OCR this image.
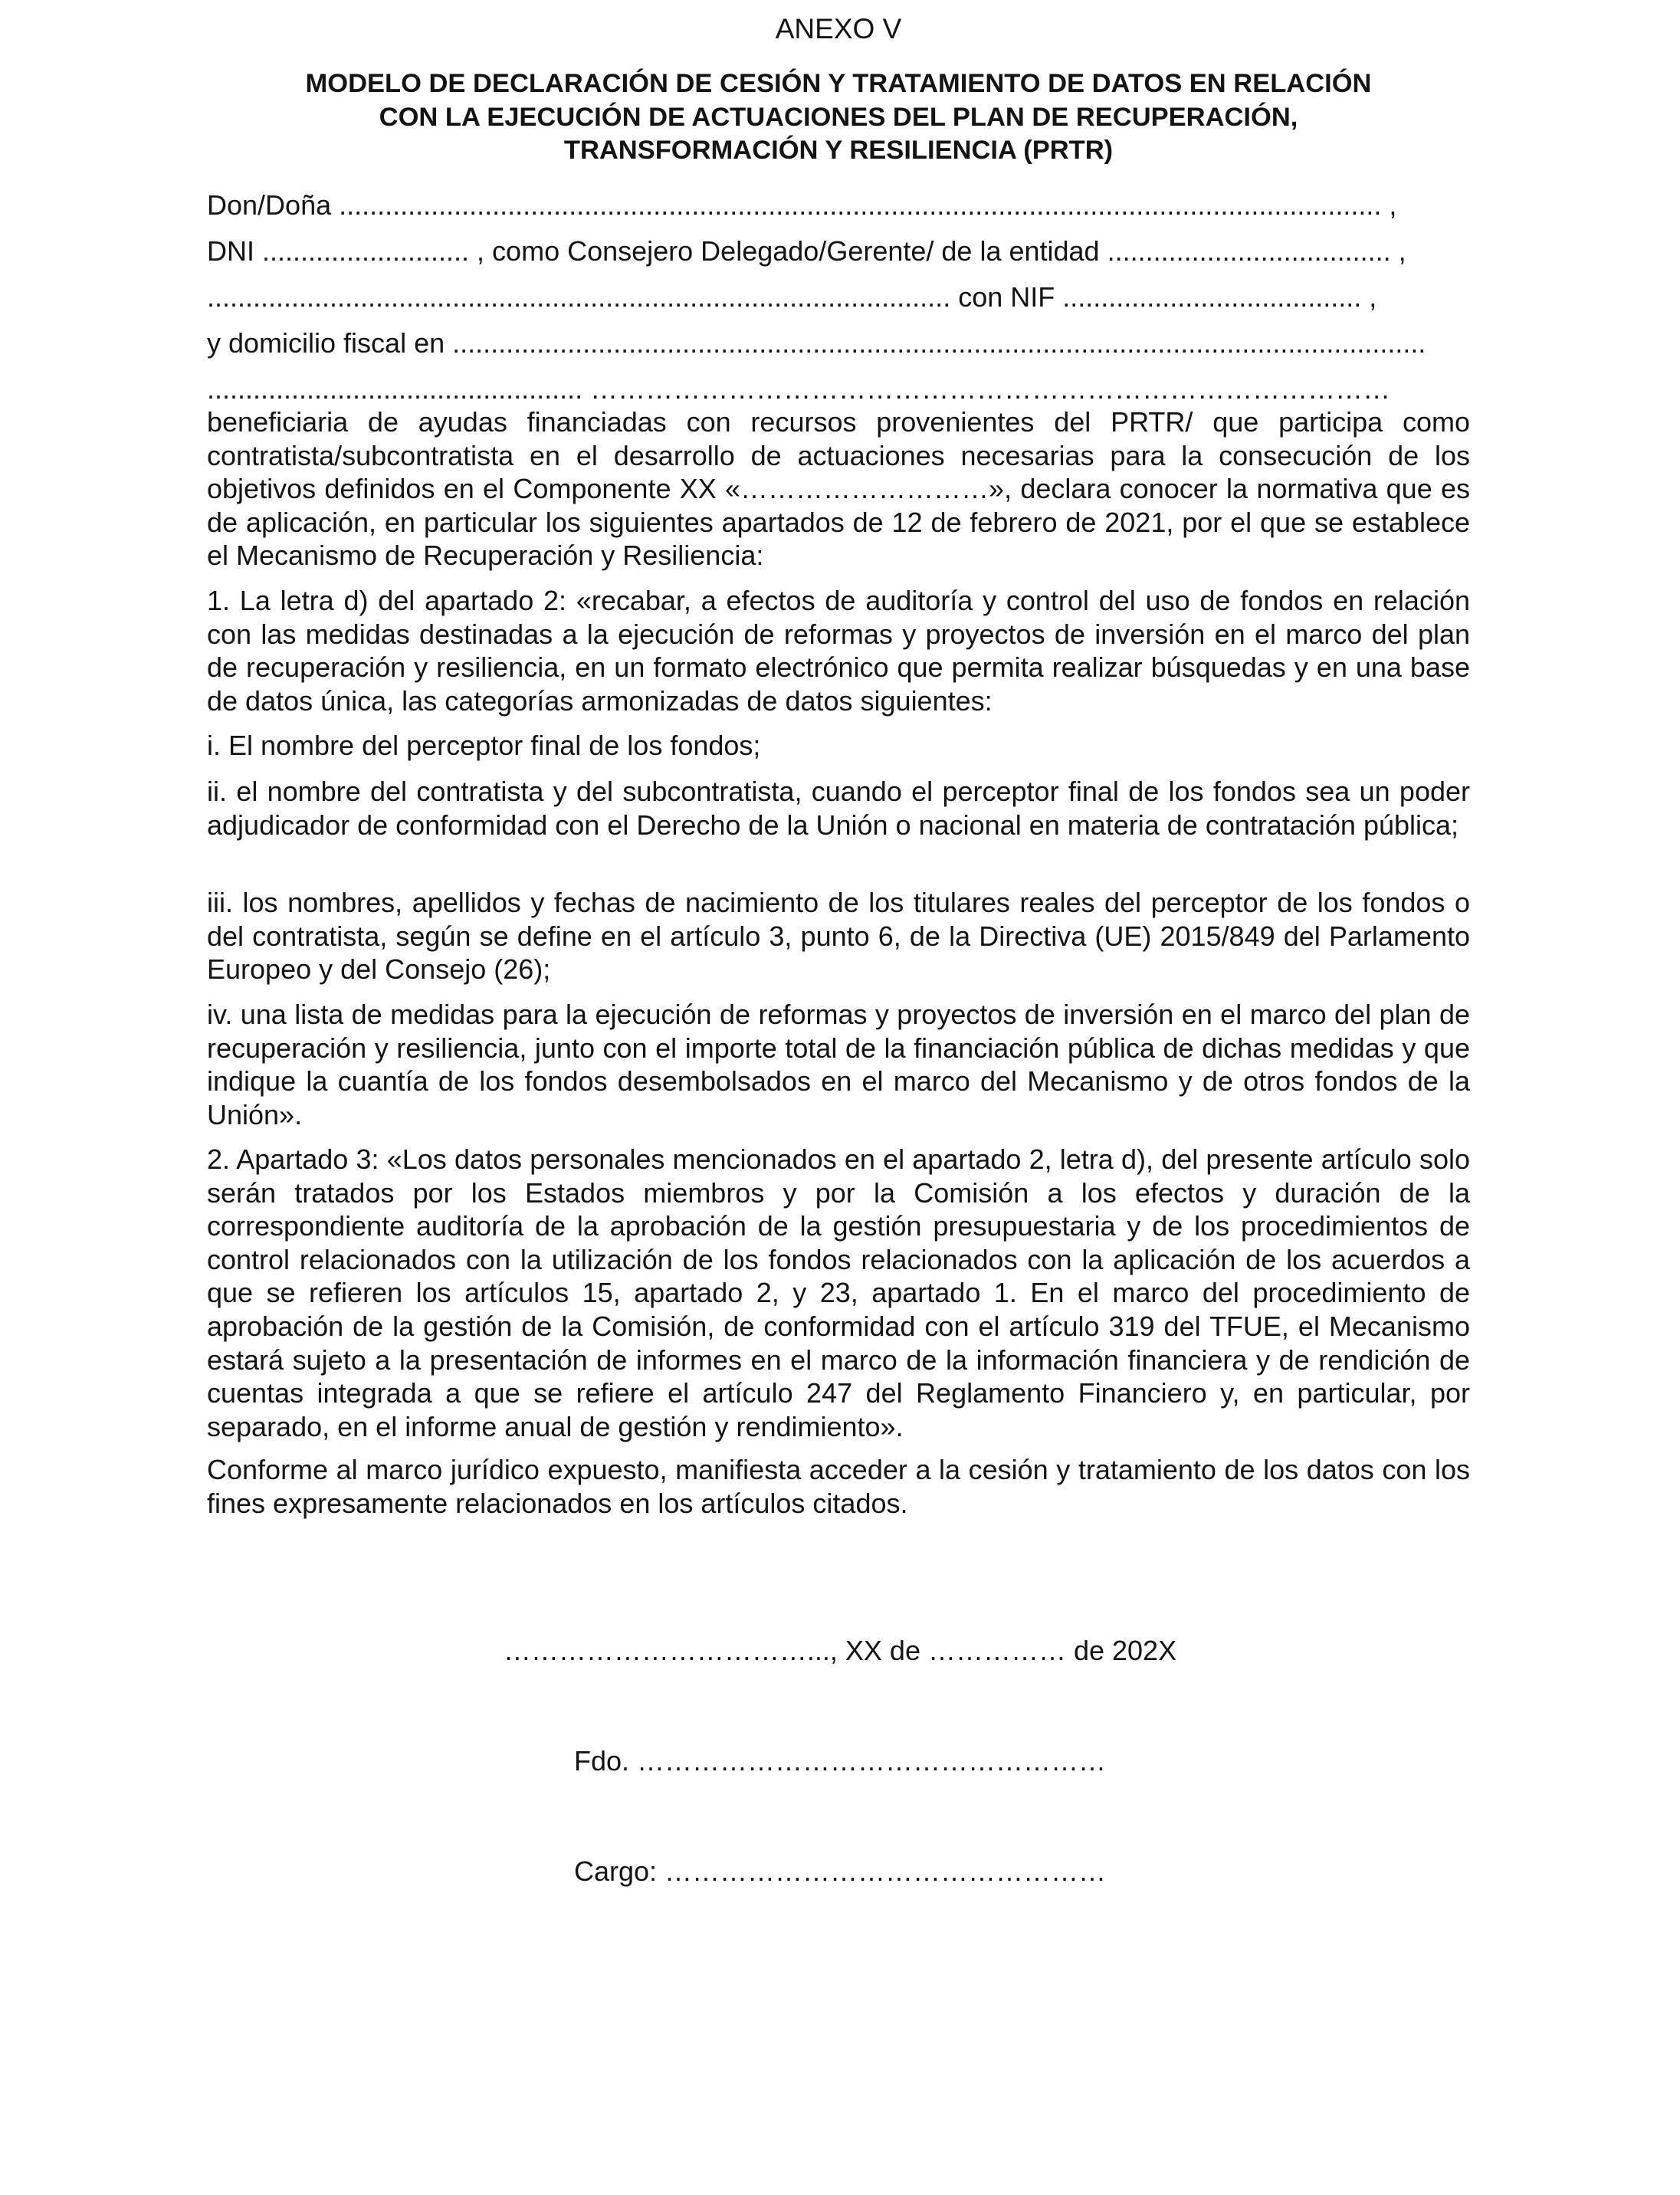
ANEXO V
MODELO DE DECLARACIÓN DE CESIÓN Y TRATAMIENTO DE DATOS EN RELACIÓN
CON LA EJECUCIÓN DE ACTUACIONES DEL PLAN DE RECUPERACIÓN,
TRANSFORMACIÓN Y RESILIENCIA (PRTR)
Don/Doña ........................................................................................................................................ ,
DNI ........................... , como Consejero Delegado/Gerente/ de la entidad ..................................... ,
................................................................................................. con NIF ....................................... ,
y domicilio fiscal en ...............................................................................................................................
................................................. ……………………………………………………………………………
beneficiaria de ayudas financiadas con recursos provenientes del PRTR/ que participa como contratista/subcontratista en el desarrollo de actuaciones necesarias para la consecución de los objetivos definidos en el Componente XX «………………………», declara conocer la normativa que es de aplicación, en particular los siguientes apartados de 12 de febrero de 2021, por el que se establece el Mecanismo de Recuperación y Resiliencia:
1. La letra d) del apartado 2: «recabar, a efectos de auditoría y control del uso de fondos en relación con las medidas destinadas a la ejecución de reformas y proyectos de inversión en el marco del plan de recuperación y resiliencia, en un formato electrónico que permita realizar búsquedas y en una base de datos única, las categorías armonizadas de datos siguientes:
i. El nombre del perceptor final de los fondos;
ii. el nombre del contratista y del subcontratista, cuando el perceptor final de los fondos sea un poder adjudicador de conformidad con el Derecho de la Unión o nacional en materia de contratación pública;
iii. los nombres, apellidos y fechas de nacimiento de los titulares reales del perceptor de los fondos o del contratista, según se define en el artículo 3, punto 6, de la Directiva (UE) 2015/849 del Parlamento Europeo y del Consejo (26);
iv. una lista de medidas para la ejecución de reformas y proyectos de inversión en el marco del plan de recuperación y resiliencia, junto con el importe total de la financiación pública de dichas medidas y que indique la cuantía de los fondos desembolsados en el marco del Mecanismo y de otros fondos de la Unión».
2. Apartado 3: «Los datos personales mencionados en el apartado 2, letra d), del presente artículo solo serán tratados por los Estados miembros y por la Comisión a los efectos y duración de la correspondiente auditoría de la aprobación de la gestión presupuestaria y de los procedimientos de control relacionados con la utilización de los fondos relacionados con la aplicación de los acuerdos a que se refieren los artículos 15, apartado 2, y 23, apartado 1. En el marco del procedimiento de aprobación de la gestión de la Comisión, de conformidad con el artículo 319 del TFUE, el Mecanismo estará sujeto a la presentación de informes en el marco de la información financiera y de rendición de cuentas integrada a que se refiere el artículo 247 del Reglamento Financiero y, en particular, por separado, en el informe anual de gestión y rendimiento».
Conforme al marco jurídico expuesto, manifiesta acceder a la cesión y tratamiento de los datos con los fines expresamente relacionados en los artículos citados.
……………………………..., XX de …………… de 202X
Fdo. ……………………………………………
Cargo: …………………………………………
